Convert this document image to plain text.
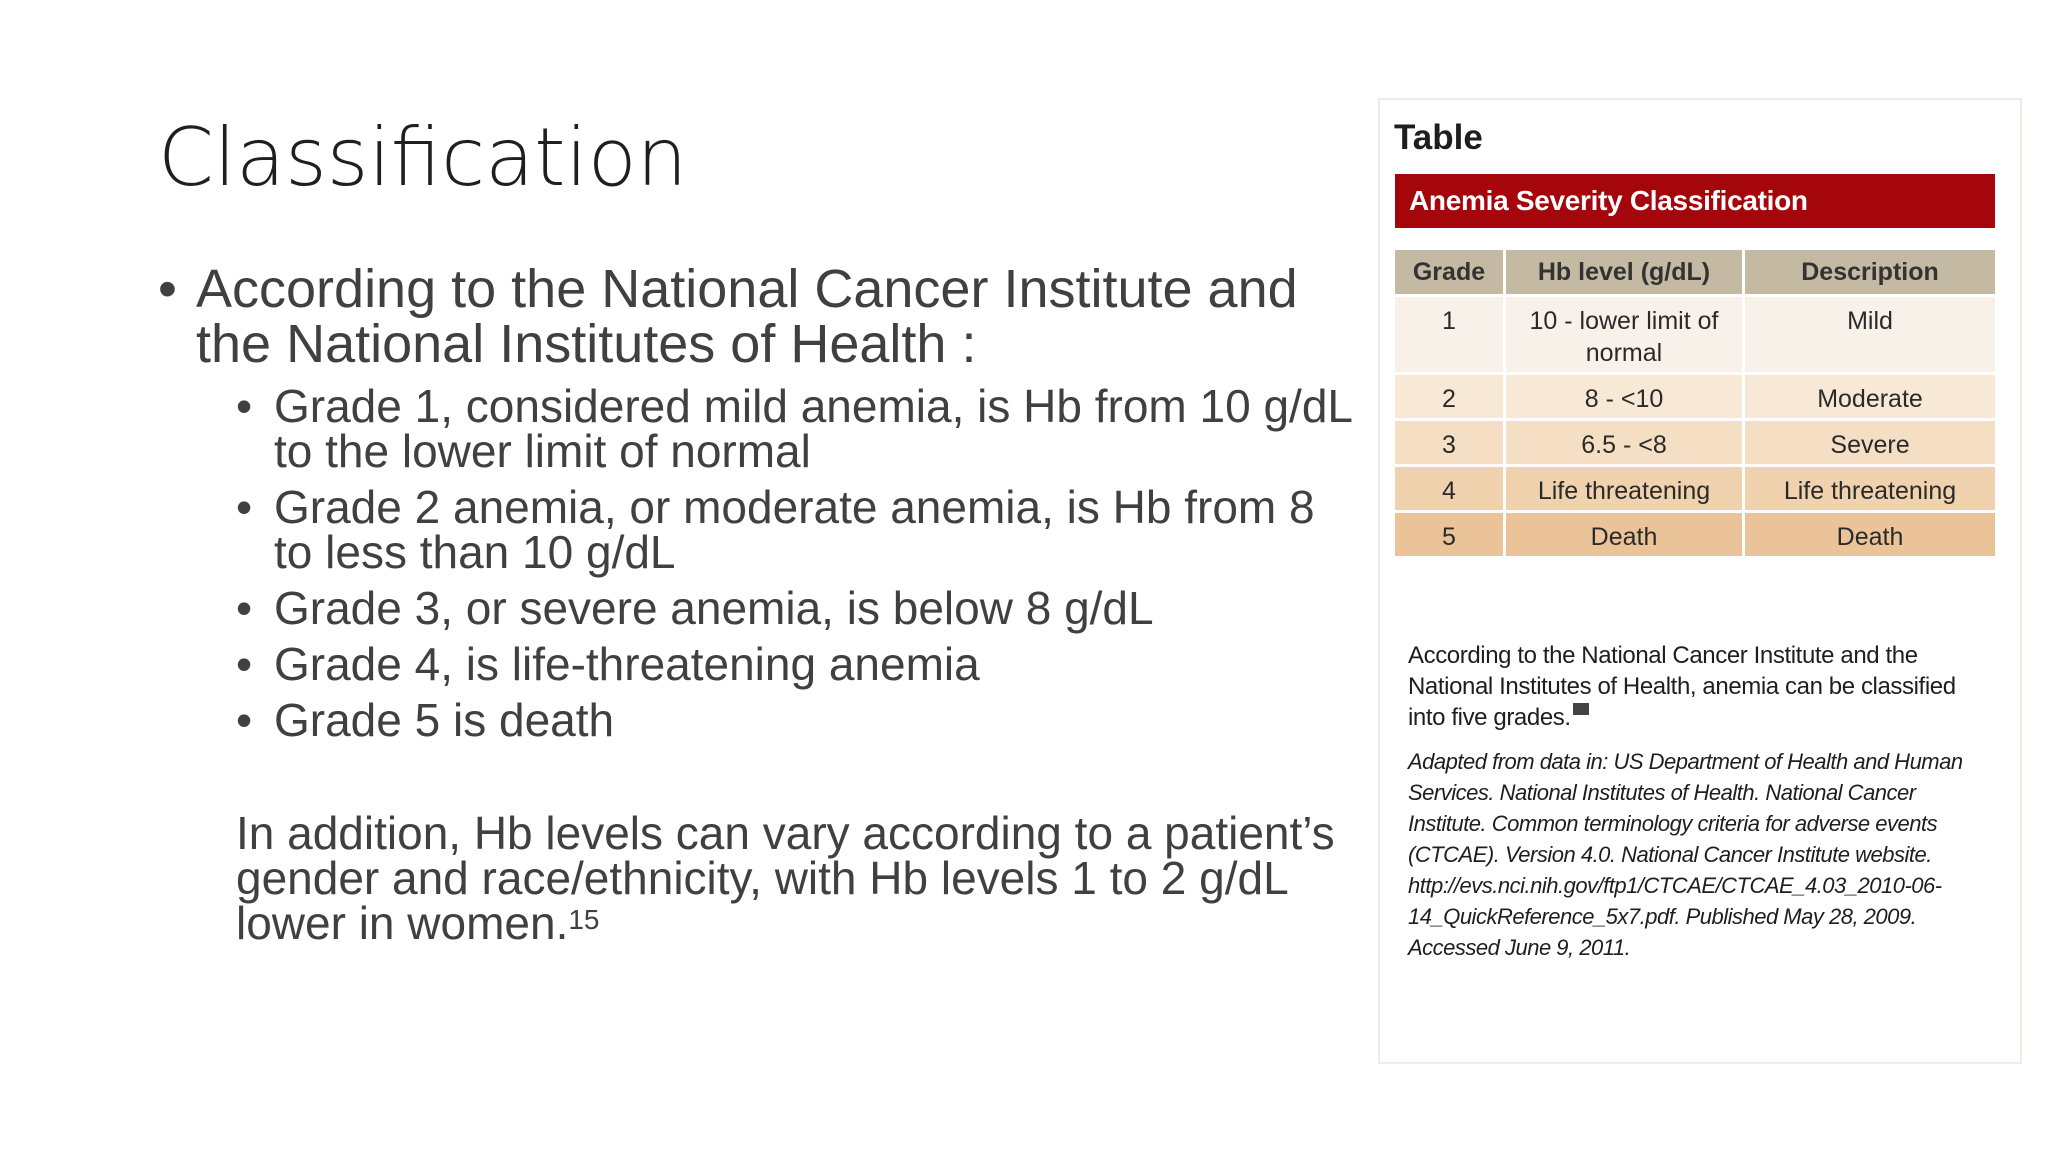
Classification

• According to the National Cancer Institute and the National Institutes of Health :

• Grade 1, considered mild anemia, is Hb from 10 g/dL to the lower limit of normal
• Grade 2 anemia, or moderate anemia, is Hb from 8 to less than 10 g/dL
• Grade 3, or severe anemia, is below 8 g/dL
• Grade 4, is life-threatening anemia
• Grade 5 is death
In addition, Hb levels can vary according to a patient’s gender and race/ethnicity, with Hb levels 1 to 2 g/dL lower in women.$^{15}$
Table
Anemia Severity Classification
Grade	Hb level (g/dL)	Description
1	10 - lower limit of normal	Mild
2	8 - <10	Moderate
3	6.5 - <8	Severe
4	Life threatening	Life threatening
5	Death	Death
According to the National Cancer Institute and the National Institutes of Health, anemia can be classified into five grades.
Adapted from data in: US Department of Health and Human Services. National Institutes of Health. National Cancer Institute. Common terminology criteria for adverse events (CTCAE). Version 4.0. National Cancer Institute website. http://evs.nci.nih.gov/ftp1/CTCAE/CTCAE_4.03_2010-06-14_QuickReference_5x7.pdf. Published May 28, 2009. Accessed June 9, 2011.
